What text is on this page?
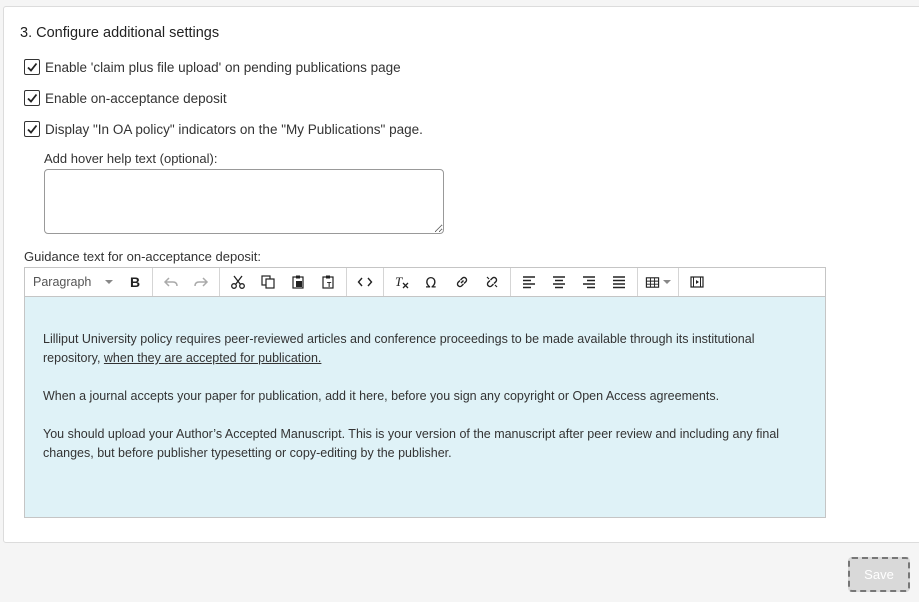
3. Configure additional settings
Enable 'claim plus file upload' on pending publications page
Enable on-acceptance deposit
Display "In OA policy" indicators on the "My Publications" page.
Add hover help text (optional):
Guidance text for on-acceptance deposit:
Paragraph	B	T	T Ω

Lilliput University policy requires peer-reviewed articles and conference proceedings to be made available through its institutional repository, when they are accepted for publication.

When a journal accepts your paper for publication, add it here, before you sign any copyright or Open Access agreements.

You should upload your Author’s Accepted Manuscript. This is your version of the manuscript after peer review and including any final changes, but before publisher typesetting or copy-editing by the publisher.

Save
